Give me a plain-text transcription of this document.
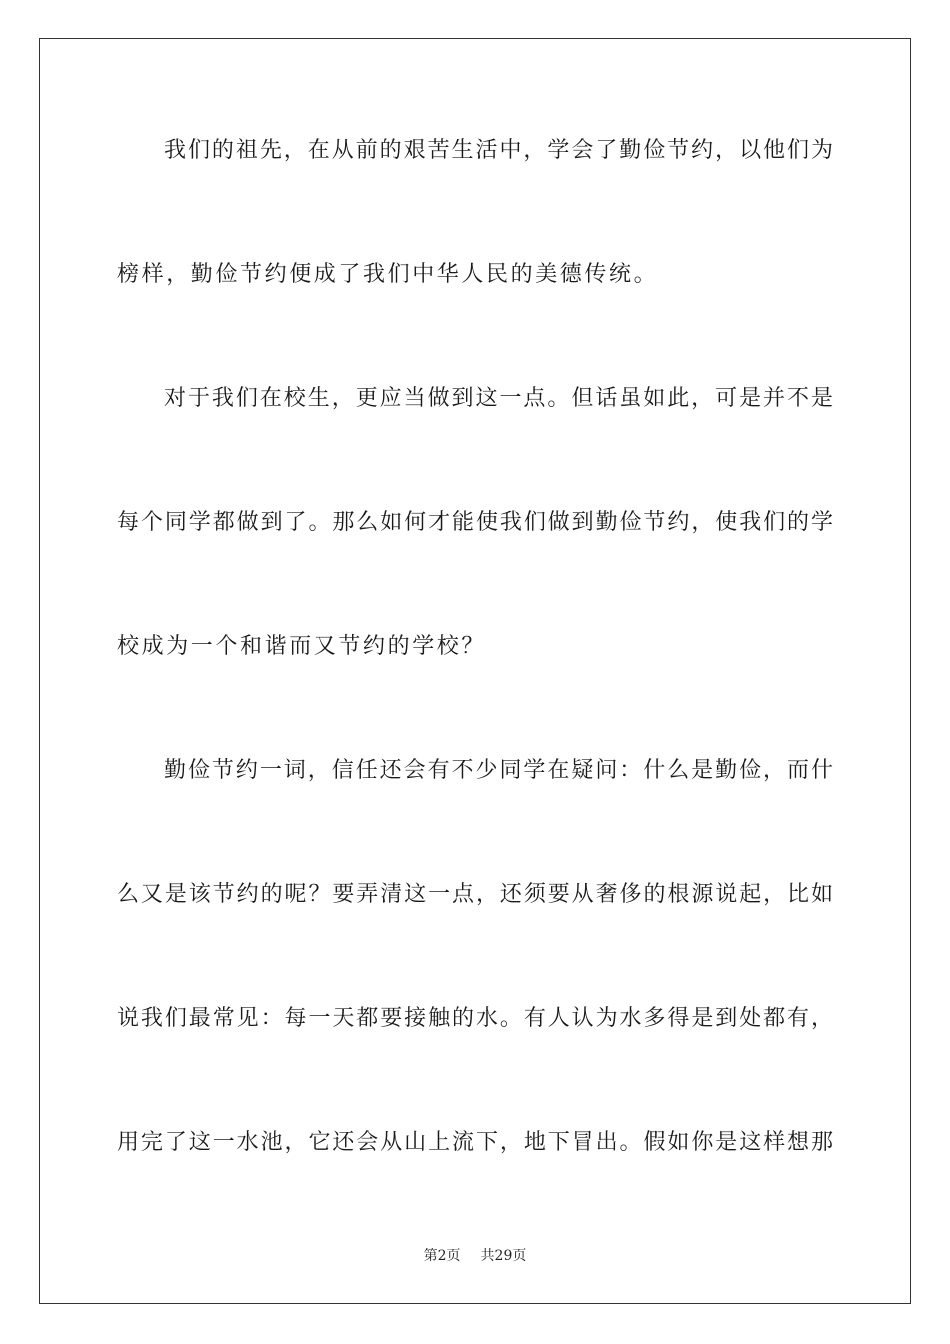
我们的祖先，在从前的艰苦生活中，学会了勤俭节约，以他们为
榜样，勤俭节约便成了我们中华人民的美德传统。
对于我们在校生，更应当做到这一点。但话虽如此，可是并不是
每个同学都做到了。那么如何才能使我们做到勤俭节约，使我们的学
校成为一个和谐而又节约的学校？
勤俭节约一词，信任还会有不少同学在疑问：什么是勤俭，而什
么又是该节约的呢？要弄清这一点，还须要从奢侈的根源说起，比如
说我们最常见：每一天都要接触的水。有人认为水多得是到处都有，
用完了这一水池，它还会从山上流下，地下冒出。假如你是这样想那
第2页 共29页
